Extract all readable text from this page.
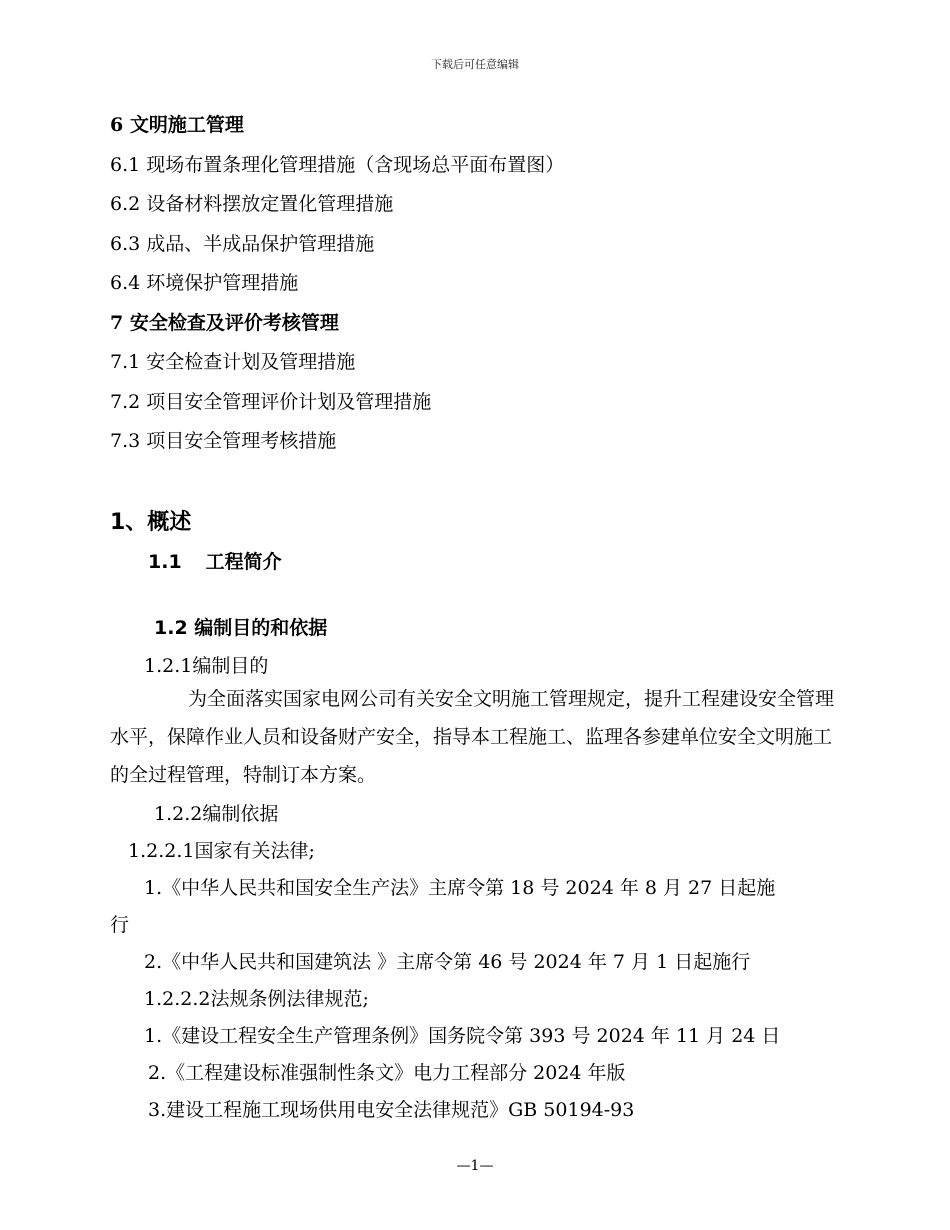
下载后可任意编辑
6 文明施工管理
6.1 现场布置条理化管理措施（含现场总平面布置图）
6.2 设备材料摆放定置化管理措施
6.3 成品、半成品保护管理措施
6.4 环境保护管理措施
7 安全检查及评价考核管理
7.1 安全检查计划及管理措施
7.2 项目安全管理评价计划及管理措施
7.3 项目安全管理考核措施
1、概述
1.1 工程简介
1.2 编制目的和依据
1.2.1编制目的
为全面落实国家电网公司有关安全文明施工管理规定，提升工程建设安全管理水平，保障作业人员和设备财产安全，指导本工程施工、监理各参建单位安全文明施工的全过程管理，特制订本方案。
1.2.2编制依据
1.2.2.1国家有关法律;
1.《中华人民共和国安全生产法》主席令第 18 号 2024 年 8 月 27 日起施
行
2.《中华人民共和国建筑法 》主席令第 46 号 2024 年 7 月 1 日起施行
1.2.2.2法规条例法律规范;
1.《建设工程安全生产管理条例》国务院令第 393 号 2024 年 11 月 24 日
2.《工程建设标准强制性条文》电力工程部分 2024 年版
3.建设工程施工现场供用电安全法律规范》GB 50194-93
—1—
